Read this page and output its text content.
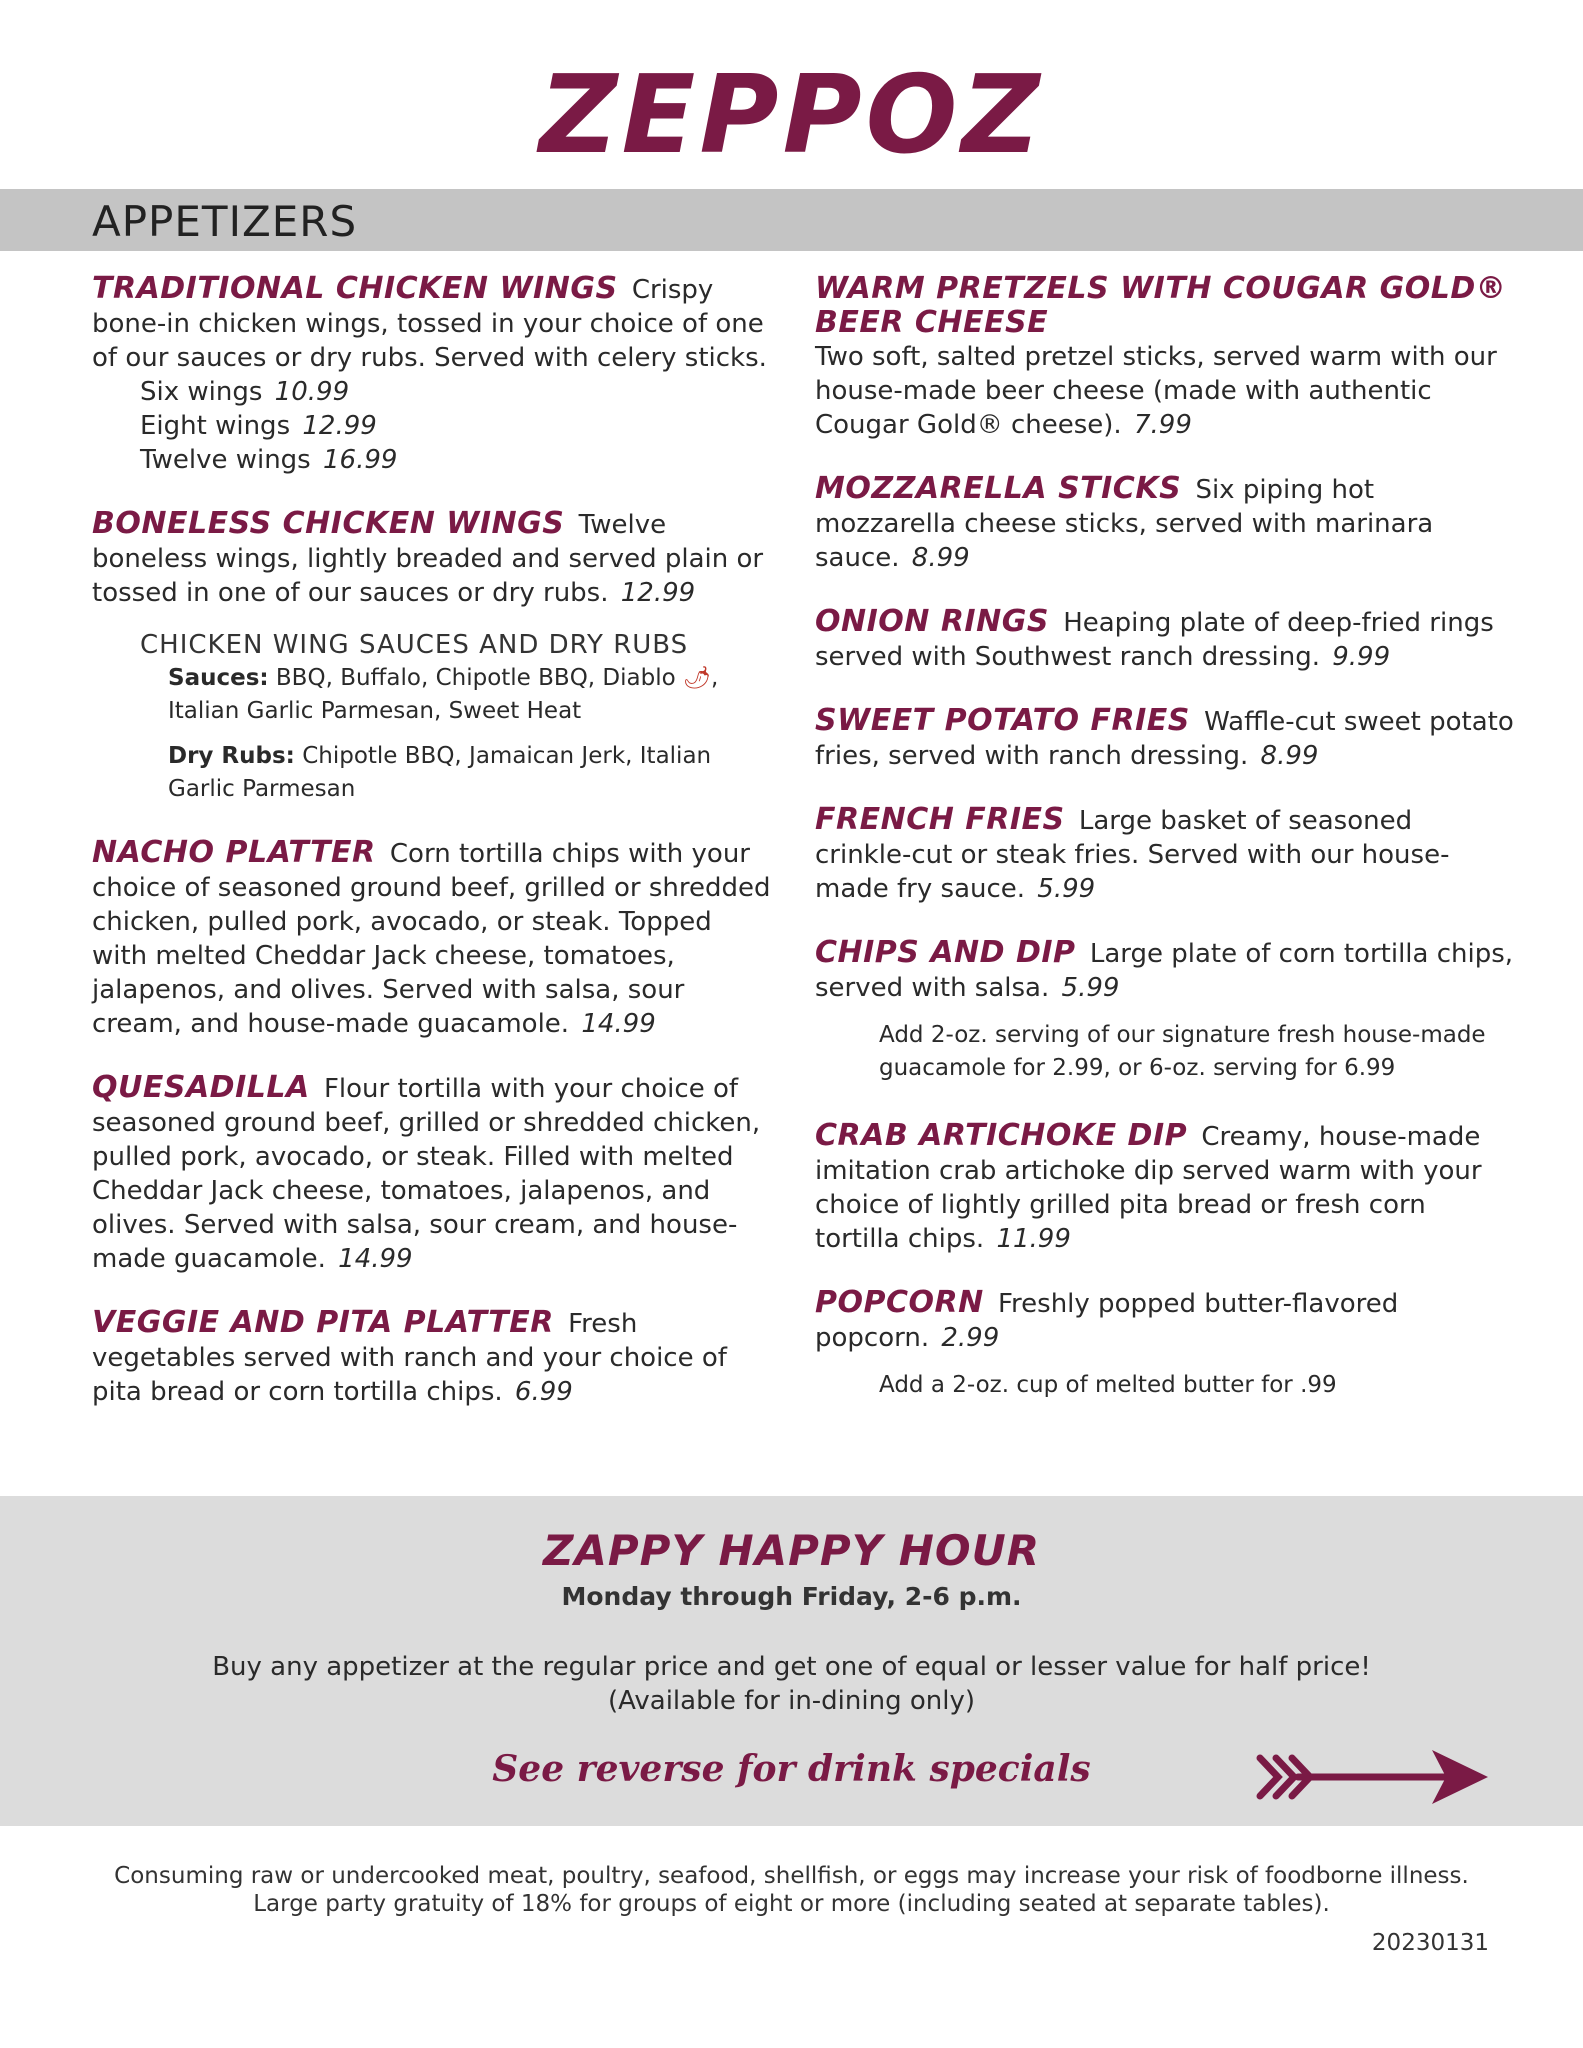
ZEPPOZ
APPETIZERS
TRADITIONAL CHICKEN WINGS Crispy bone-in chicken wings, tossed in your choice of one of our sauces or dry rubs. Served with celery sticks.
Six wings 10.99
Eight wings 12.99
Twelve wings 16.99
BONELESS CHICKEN WINGS Twelve boneless wings, lightly breaded and served plain or tossed in one of our sauces or dry rubs. 12.99
CHICKEN WING SAUCES AND DRY RUBS

Sauces: BBQ, Buffalo, Chipotle BBQ, Diablo 🌶, Italian Garlic Parmesan, Sweet Heat

Dry Rubs: Chipotle BBQ, Jamaican Jerk, Italian Garlic Parmesan

NACHO PLATTER Corn tortilla chips with your choice of seasoned ground beef, grilled or shredded chicken, pulled pork, avocado, or steak. Topped with melted Cheddar Jack cheese, tomatoes, jalapenos, and olives. Served with salsa, sour cream, and house-made guacamole. 14.99
QUESADILLA Flour tortilla with your choice of seasoned ground beef, grilled or shredded chicken, pulled pork, avocado, or steak. Filled with melted Cheddar Jack cheese, tomatoes, jalapenos, and olives. Served with salsa, sour cream, and house-made guacamole. 14.99
VEGGIE AND PITA PLATTER Fresh vegetables served with ranch and your choice of pita bread or corn tortilla chips. 6.99
WARM PRETZELS WITH COUGAR GOLD® BEER CHEESE
Two soft, salted pretzel sticks, served warm with our house-made beer cheese (made with authentic Cougar Gold® cheese). 7.99
MOZZARELLA STICKS Six piping hot mozzarella cheese sticks, served with marinara sauce. 8.99
ONION RINGS Heaping plate of deep-fried rings served with Southwest ranch dressing. 9.99
SWEET POTATO FRIES Waffle-cut sweet potato fries, served with ranch dressing. 8.99
FRENCH FRIES Large basket of seasoned crinkle-cut or steak fries. Served with our house-made fry sauce. 5.99
CHIPS AND DIP Large plate of corn tortilla chips, served with salsa. 5.99
Add 2-oz. serving of our signature fresh house-made guacamole for 2.99, or 6-oz. serving for 6.99
CRAB ARTICHOKE DIP Creamy, house-made imitation crab artichoke dip served warm with your choice of lightly grilled pita bread or fresh corn tortilla chips. 11.99
POPCORN Freshly popped butter-flavored popcorn. 2.99
Add a 2-oz. cup of melted butter for .99
ZAPPY HAPPY HOUR
Monday through Friday, 2-6 p.m.
Buy any appetizer at the regular price and get one of equal or lesser value for half price!
(Available for in-dining only)
See reverse for drink specials
Consuming raw or undercooked meat, poultry, seafood, shellfish, or eggs may increase your risk of foodborne illness.
Large party gratuity of 18% for groups of eight or more (including seated at separate tables).
20230131
